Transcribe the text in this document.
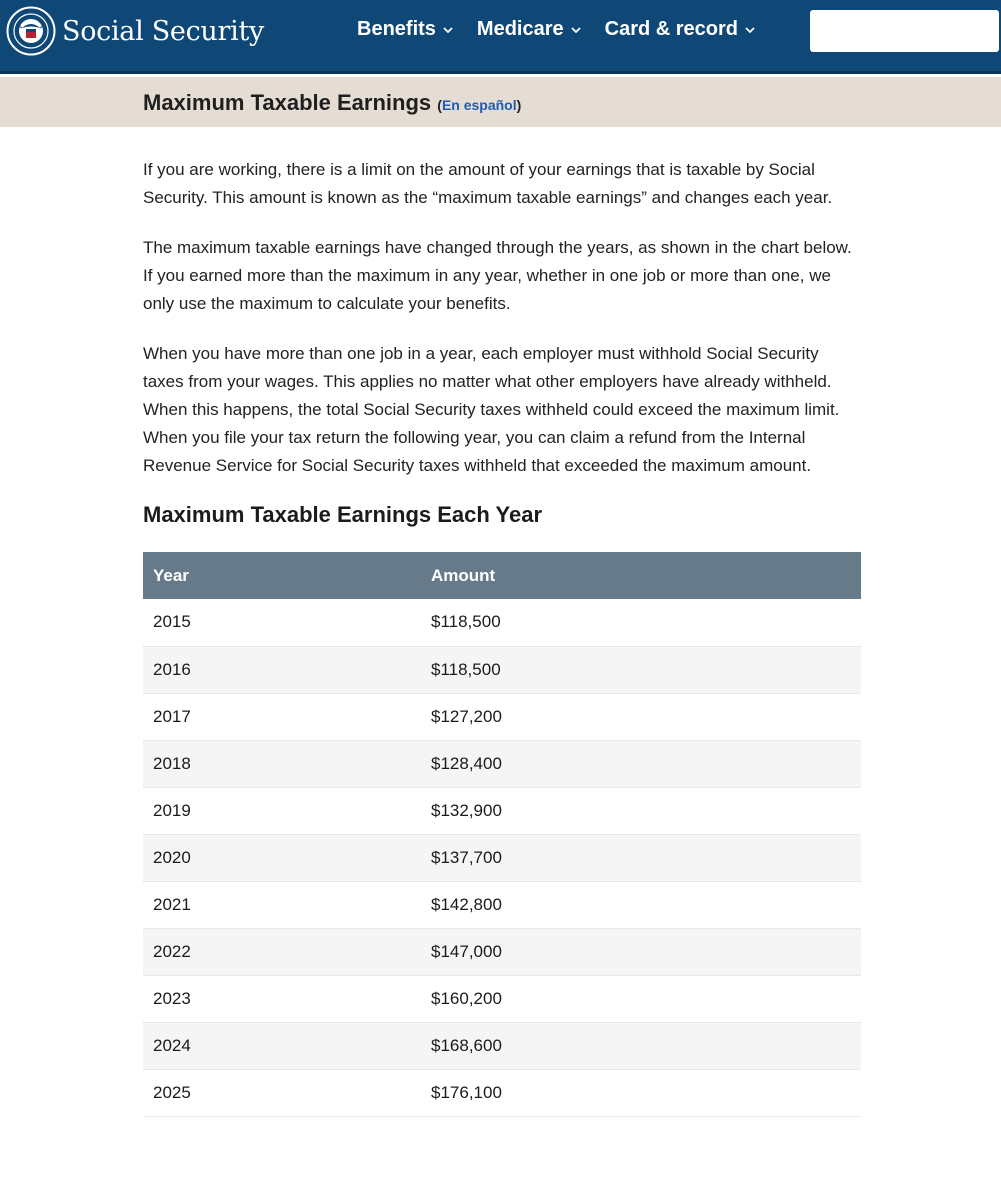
Social Security	Benefits Medicare Card & record
Maximum Taxable Earnings (En español)

If you are working, there is a limit on the amount of your earnings that is taxable by Social Security. This amount is known as the “maximum taxable earnings” and changes each year.

The maximum taxable earnings have changed through the years, as shown in the chart below. If you earned more than the maximum in any year, whether in one job or more than one, we only use the maximum to calculate your benefits.

When you have more than one job in a year, each employer must withhold Social Security taxes from your wages. This applies no matter what other employers have already withheld. When this happens, the total Social Security taxes withheld could exceed the maximum limit. When you file your tax return the following year, you can claim a refund from the Internal Revenue Service for Social Security taxes withheld that exceeded the maximum amount.

Maximum Taxable Earnings Each Year
Year	Amount
2015	$118,500
2016	$118,500
2017	$127,200
2018	$128,400
2019	$132,900
2020	$137,700
2021	$142,800
2022	$147,000
2023	$160,200
2024	$168,600
2025	$176,100
